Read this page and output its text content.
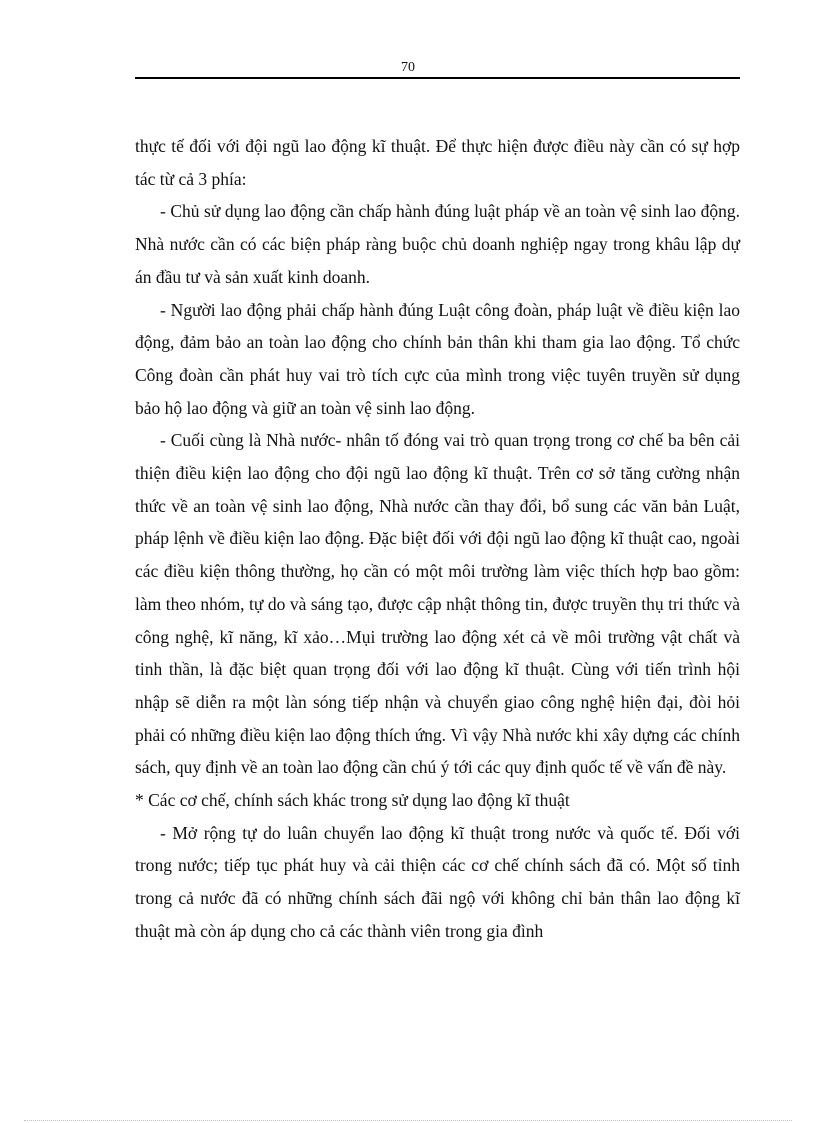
70

thực tế đối với đội ngũ lao động kĩ thuật. Để thực hiện được điều này cần có sự hợp tác từ cả 3 phía:

- Chủ sử dụng lao động cần chấp hành đúng luật pháp về an toàn vệ sinh lao động. Nhà nước cần có các biện pháp ràng buộc chủ doanh nghiệp ngay trong khâu lập dự án đầu tư và sản xuất kinh doanh.

- Người lao động phải chấp hành đúng Luật công đoàn, pháp luật về điều kiện lao động, đảm bảo an toàn lao động cho chính bản thân khi tham gia lao động. Tổ chức Công đoàn cần phát huy vai trò tích cực của mình trong việc tuyên truyền sử dụng bảo hộ lao động và giữ an toàn vệ sinh lao động.

- Cuối cùng là Nhà nước- nhân tố đóng vai trò quan trọng trong cơ chế ba bên cải thiện điều kiện lao động cho đội ngũ lao động kĩ thuật. Trên cơ sở tăng cường nhận thức về an toàn vệ sinh lao động, Nhà nước cần thay đổi, bổ sung các văn bản Luật, pháp lệnh về điều kiện lao động. Đặc biệt đối với đội ngũ lao động kĩ thuật cao, ngoài các điều kiện thông thường, họ cần có một môi trường làm việc thích hợp bao gồm: làm theo nhóm, tự do và sáng tạo, được cập nhật thông tin, được truyền thụ tri thức và công nghệ, kĩ năng, kĩ xảo…Mụi trường lao động xét cả về môi trường vật chất và tinh thần, là đặc biệt quan trọng đối với lao động kĩ thuật. Cùng với tiến trình hội nhập sẽ diễn ra một làn sóng tiếp nhận và chuyển giao công nghệ hiện đại, đòi hỏi phải có những điều kiện lao động thích ứng. Vì vậy Nhà nước khi xây dựng các chính sách, quy định về an toàn lao động cần chú ý tới các quy định quốc tế về vấn đề này.

* Các cơ chế, chính sách khác trong sử dụng lao động kĩ thuật

- Mở rộng tự do luân chuyển lao động kĩ thuật trong nước và quốc tế. Đối với trong nước; tiếp tục phát huy và cải thiện các cơ chế chính sách đã có. Một số tỉnh trong cả nước đã có những chính sách đãi ngộ với không chỉ bản thân lao động kĩ thuật mà còn áp dụng cho cả các thành viên trong gia đình
